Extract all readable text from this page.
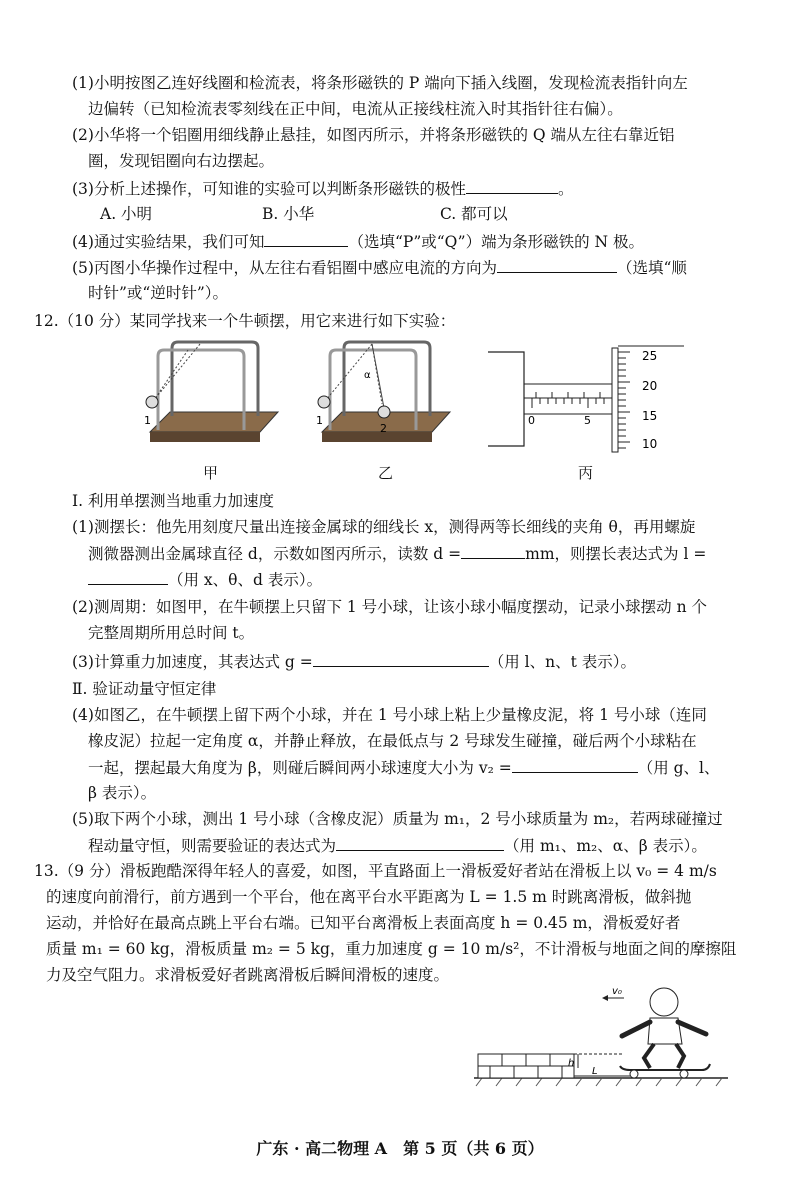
(1)小明按图乙连好线圈和检流表，将条形磁铁的 P 端向下插入线圈，发现检流表指针向左
边偏转（已知检流表零刻线在正中间，电流从正接线柱流入时其指针往右偏）。
(2)小华将一个铝圈用细线静止悬挂，如图丙所示，并将条形磁铁的 Q 端从左往右靠近铝
圈，发现铝圈向右边摆起。
(3)分析上述操作，可知谁的实验可以判断条形磁铁的极性	。
A. 小明	B. 小华	C. 都可以
(4)通过实验结果，我们可知	（选填“P”或“Q”）端为条形磁铁的 N 极。
(5)丙图小华操作过程中，从左往右看铝圈中感应电流的方向为	（选填“顺
时针”或“逆时针”）。
12.（10 分）某同学找来一个牛顿摆，用它来进行如下实验：
1	1
2
α
0	5
25
20
15
10
甲	乙	丙
Ⅰ. 利用单摆测当地重力加速度
(1)测摆长：他先用刻度尺量出连接金属球的细线长 x，测得两等长细线的夹角 θ，再用螺旋
测微器测出金属球直径 d，示数如图丙所示，读数 d =	mm，则摆长表达式为 l =
（用 x、θ、d 表示）。
(2)测周期：如图甲，在牛顿摆上只留下 1 号小球，让该小球小幅度摆动，记录小球摆动 n 个
完整周期所用总时间 t。
(3)计算重力加速度，其表达式 g =	（用 l、n、t 表示）。
Ⅱ. 验证动量守恒定律
(4)如图乙，在牛顿摆上留下两个小球，并在 1 号小球上粘上少量橡皮泥，将 1 号小球（连同
橡皮泥）拉起一定角度 α，并静止释放，在最低点与 2 号球发生碰撞，碰后两个小球粘在
一起，摆起最大角度为 β，则碰后瞬间两小球速度大小为 v₂ =	（用 g、l、
β 表示）。
(5)取下两个小球，测出 1 号小球（含橡皮泥）质量为 m₁，2 号小球质量为 m₂，若两球碰撞过
程动量守恒，则需要验证的表达式为	（用 m₁、m₂、α、β 表示）。
13.（9 分）滑板跑酷深得年轻人的喜爱，如图，平直路面上一滑板爱好者站在滑板上以 v₀ = 4 m/s
的速度向前滑行，前方遇到一个平台，他在离平台水平距离为 L = 1.5 m 时跳离滑板，做斜抛
运动，并恰好在最高点跳上平台右端。已知平台离滑板上表面高度 h = 0.45 m，滑板爱好者
质量 m₁ = 60 kg，滑板质量 m₂ = 5 kg，重力加速度 g = 10 m/s²，不计滑板与地面之间的摩擦阻
力及空气阻力。求滑板爱好者跳离滑板后瞬间滑板的速度。
h
L
v₀
广东 · 高二物理 A　第 5 页（共 6 页）
